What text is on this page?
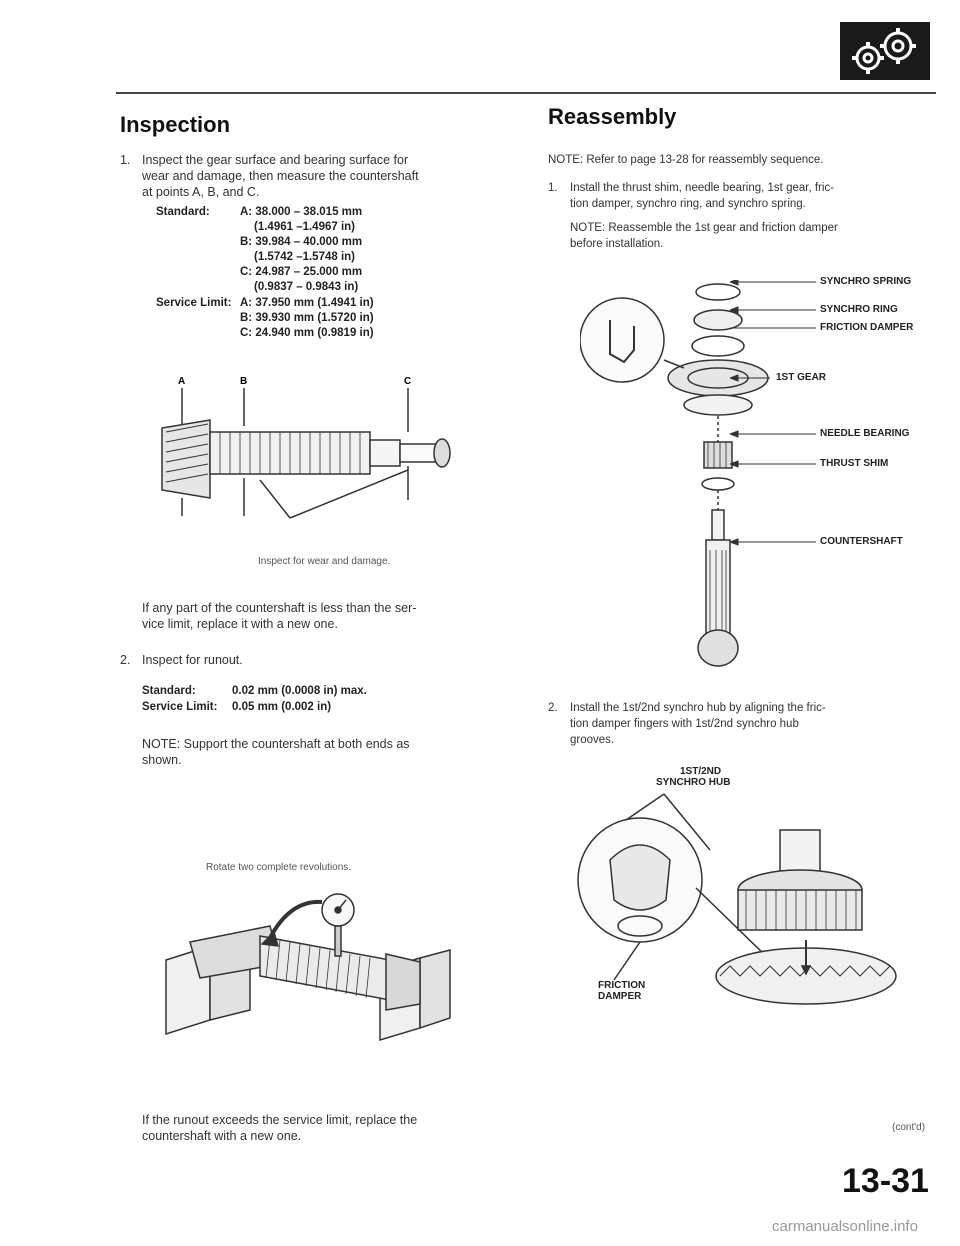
Inspection
1. Inspect the gear surface and bearing surface for
wear and damage, then measure the countershaft
at points A, B, and C.
Standard:	A: 38.000 – 38.015 mm
(1.4961 –1.4967 in)
B: 39.984 – 40.000 mm
(1.5742 –1.5748 in)
C: 24.987 – 25.000 mm
(0.9837 – 0.9843 in)
Service Limit: A: 37.950 mm (1.4941 in)
B: 39.930 mm (1.5720 in)
C: 24.940 mm (0.9819 in)
A	B	C
Inspect for wear and damage.
If any part of the countershaft is less than the ser-
vice limit, replace it with a new one.
2. Inspect for runout.
Standard:	0.02 mm (0.0008 in) max.
Service Limit: 0.05 mm (0.002 in)
NOTE: Support the countershaft at both ends as
shown.
Rotate two complete revolutions.
If the runout exceeds the service limit, replace the
countershaft with a new one.
Reassembly
NOTE: Refer to page 13-28 for reassembly sequence.
1. Install the thrust shim, needle bearing, 1st gear, fric-
tion damper, synchro ring, and synchro spring.
NOTE: Reassemble the 1st gear and friction damper
before installation.
SYNCHRO SPRING
SYNCHRO RING
FRICTION DAMPER
1ST GEAR
NEEDLE BEARING
THRUST SHIM
COUNTERSHAFT
2. Install the 1st/2nd synchro hub by aligning the fric-
tion damper fingers with 1st/2nd synchro hub
grooves.
1ST/2ND
SYNCHRO HUB
FRICTION
DAMPER
(cont'd)
13-31
carmanualsonline.info
